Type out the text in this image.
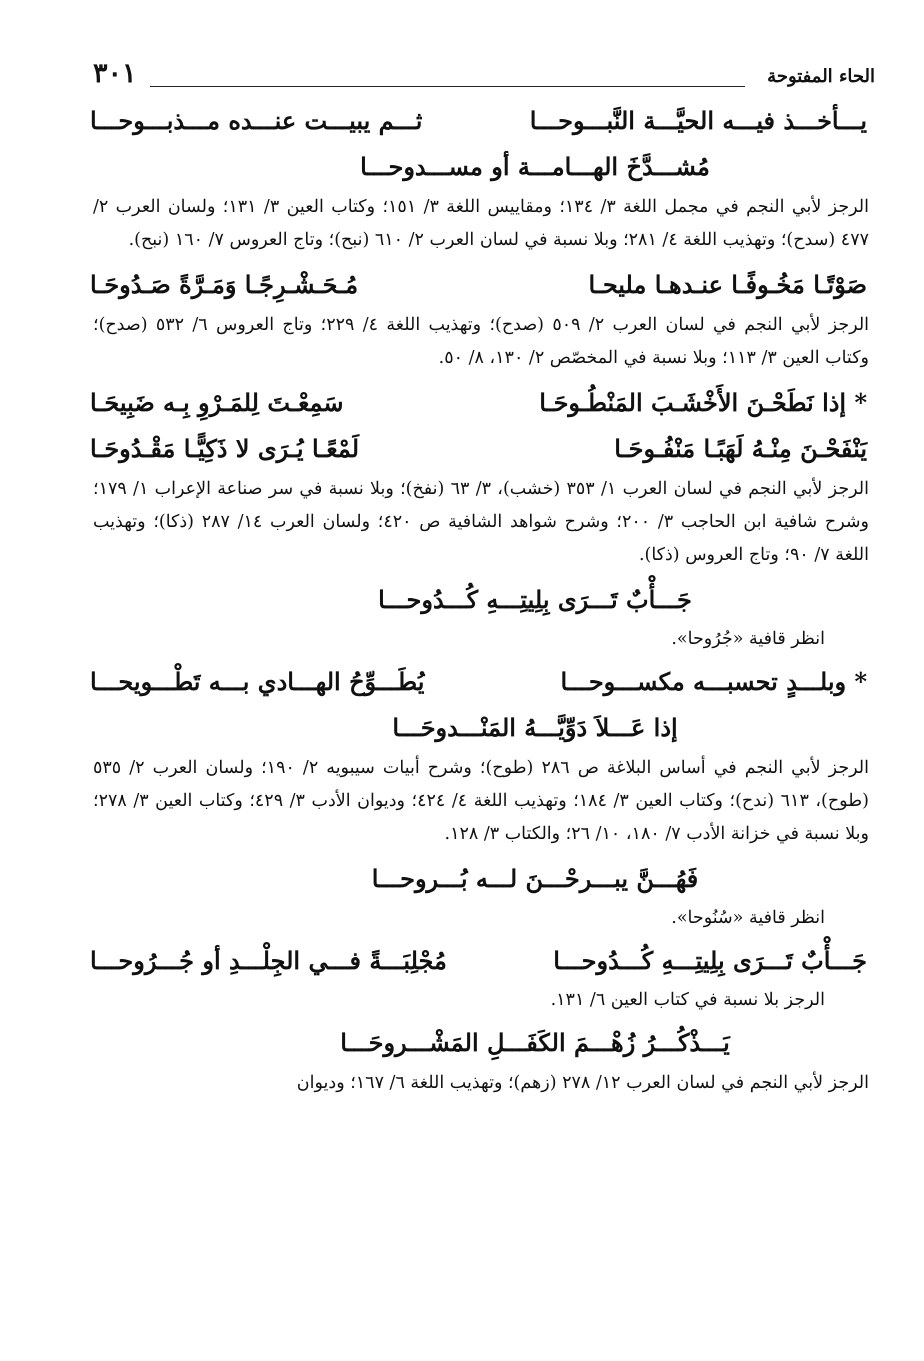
الحاء المفتوحة
٣٠١
يـــأخـــذ فيـــه الحيَّـــة النَّبـــوحـــا
ثـــم يبيـــت عنـــده مـــذبـــوحـــا
مُشـــدَّخَ الهـــامـــة أو مســـدوحـــا

الرجز لأبي النجم في مجمل اللغة ٣/ ١٣٤؛ ومقاييس اللغة ٣/ ١٥١؛ وكتاب العين ٣/ ١٣١؛ ولسان العرب ٢/ ٤٧٧ (سدح)؛ وتهذيب اللغة ٤/ ٢٨١؛ وبلا نسبة في لسان العرب ٢/ ٦١٠ (نبح)؛ وتاج العروس ٧/ ١٦٠ (نبح).

صَوْتًـا مَخُـوفًـا عنـدهـا مليحـا
مُـحَـشْـرِجًـا وَمَـرَّةً صَـدُوحَـا

الرجز لأبي النجم في لسان العرب ٢/ ٥٠٩ (صدح)؛ وتهذيب اللغة ٤/ ٢٢٩؛ وتاج العروس ٦/ ٥٣٢ (صدح)؛ وكتاب العين ٣/ ١١٣؛ وبلا نسبة في المخصّص ٢/ ١٣٠، ٨/ ٥٠.

* إذا نَطَحْـنَ الأَخْشَـبَ المَنْطُـوحَـا
سَمِعْـتَ لِلمَـرْوِ بِـه ضَبِيحَـا
يَنْفَحْـنَ مِنْـهُ لَهَبًـا مَنْفُـوحَـا
لَمْعًـا يُـرَى لا ذَكِيًّـا مَقْـدُوحَـا

الرجز لأبي النجم في لسان العرب ١/ ٣٥٣ (خشب)، ٣/ ٦٣ (نفخ)؛ وبلا نسبة في سر صناعة الإعراب ١/ ١٧٩؛ وشرح شافية ابن الحاجب ٣/ ٢٠٠؛ وشرح شواهد الشافية ص ٤٢٠؛ ولسان العرب ١٤/ ٢٨٧ (ذكا)؛ وتهذيب اللغة ٧/ ٩٠؛ وتاج العروس (ذكا).

جَـــأْبٌ تَـــرَى بِلِيتِـــهِ كُـــدُوحـــا

انظر قافية «جُرُوحا».

* وبلـــدٍ تحسبـــه مكســـوحـــا
يُطَـــوِّحُ الهـــادي بـــه تَطْـــويحـــا
إذا عَـــلاَ دَوِّيَّـــهُ المَنْـــدوحَـــا

الرجز لأبي النجم في أساس البلاغة ص ٢٨٦ (طوح)؛ وشرح أبيات سيبويه ٢/ ١٩٠؛ ولسان العرب ٢/ ٥٣٥ (طوح)، ٦١٣ (ندح)؛ وكتاب العين ٣/ ١٨٤؛ وتهذيب اللغة ٤/ ٤٢٤؛ وديوان الأدب ٣/ ٤٢٩؛ وكتاب العين ٣/ ٢٧٨؛ وبلا نسبة في خزانة الأدب ٧/ ١٨٠، ١٠/ ٢٦؛ والكتاب ٣/ ١٢٨.

فَهُـــنَّ يبـــرحْـــنَ لـــه بُـــروحـــا

انظر قافية «سُنُوحا».

جَـــأْبٌ تَـــرَى بِلِيتِـــهِ كُـــدُوحـــا
مُجْلِبَـــةً فـــي الجِلْـــدِ أو جُـــرُوحـــا

الرجز بلا نسبة في كتاب العين ٦/ ١٣١.

يَـــذْكُـــرُ زُهْـــمَ الكَفَـــلِ المَشْـــروحَـــا

الرجز لأبي النجم في لسان العرب ١٢/ ٢٧٨ (زهم)؛ وتهذيب اللغة ٦/ ١٦٧؛ وديوان
